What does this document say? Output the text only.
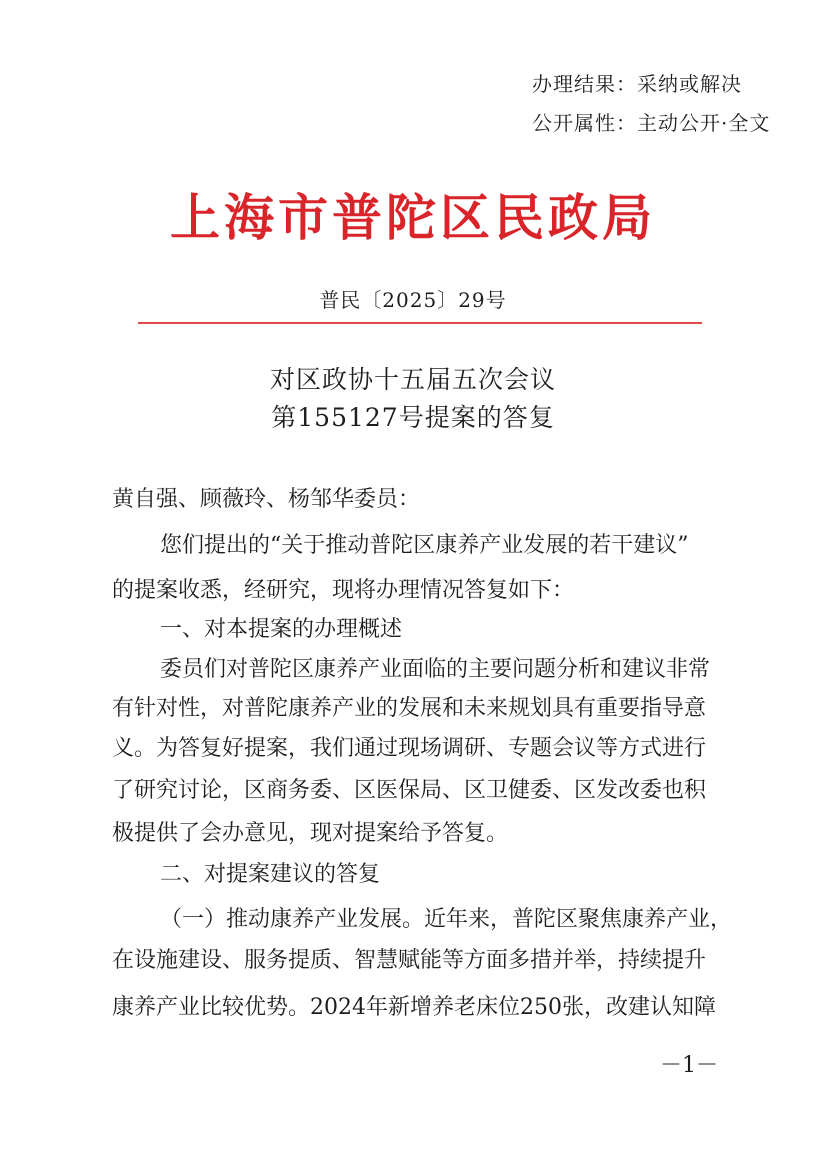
办理结果：采纳或解决
公开属性：主动公开·全文
上海市普陀区民政局
普民〔2025〕29号
对区政协十五届五次会议
第155127号提案的答复
黄自强、顾薇玲、杨邹华委员：
您们提出的“关于推动普陀区康养产业发展的若干建议”
的提案收悉，经研究，现将办理情况答复如下：
一、对本提案的办理概述
委员们对普陀区康养产业面临的主要问题分析和建议非常
有针对性，对普陀康养产业的发展和未来规划具有重要指导意
义。为答复好提案，我们通过现场调研、专题会议等方式进行
了研究讨论，区商务委、区医保局、区卫健委、区发改委也积
极提供了会办意见，现对提案给予答复。
二、对提案建议的答复
（一）推动康养产业发展。近年来，普陀区聚焦康养产业，
在设施建设、服务提质、智慧赋能等方面多措并举，持续提升
康养产业比较优势。2024年新增养老床位250张，改建认知障
－1－
